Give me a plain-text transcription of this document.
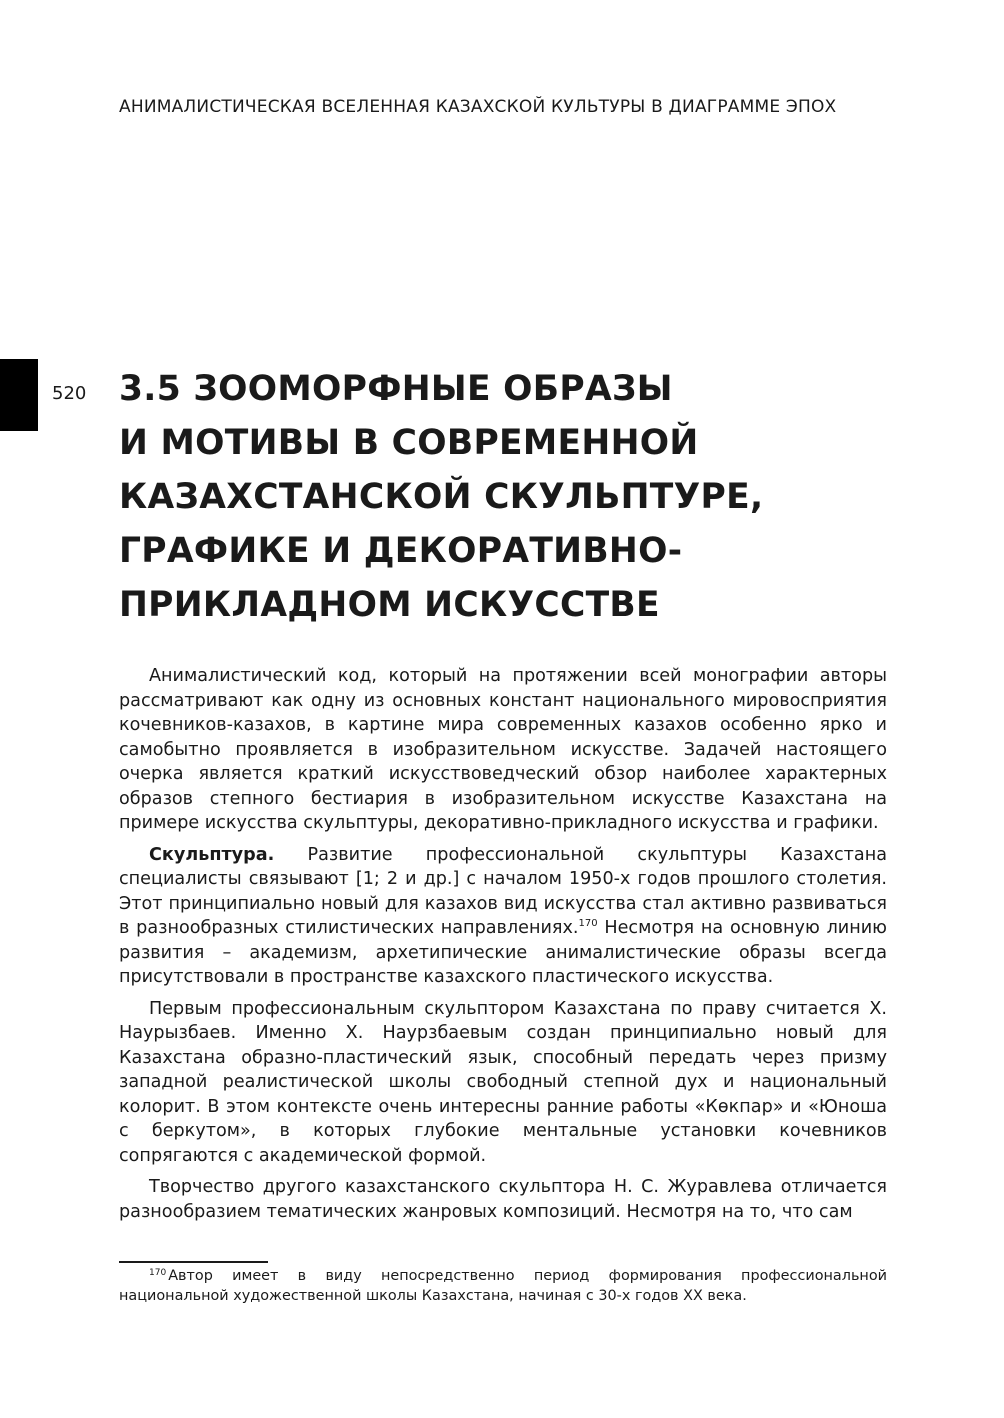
АНИМАЛИСТИЧЕСКАЯ ВСЕЛЕННАЯ КАЗАХСКОЙ КУЛЬТУРЫ В ДИАГРАММЕ ЭПОХ
520 3.5 ЗООМОРФНЫЕ ОБРАЗЫ
И МОТИВЫ В СОВРЕМЕННОЙ
КАЗАХСТАНСКОЙ СКУЛЬПТУРЕ,
ГРАФИКЕ И ДЕКОРАТИВНО-
ПРИКЛАДНОМ ИСКУССТВЕ

Анималистический код, который на протяжении всей монографии авторы рассматривают как одну из основных констант национального мировосприятия кочевников-казахов, в картине мира современных казахов особенно ярко и самобытно проявляется в изобразительном искусстве. Задачей настоящего очерка является краткий искусствоведческий обзор наиболее характерных образов степного бестиария в изобразительном искусстве Казахстана на примере искусства скульптуры, декоративно-прикладного искусства и графики.

Скульптура. Развитие профессиональной скульптуры Казахстана специалисты связывают [1; 2 и др.] с началом 1950-х годов прошлого столетия. Этот принципиально новый для казахов вид искусства стал активно развиваться в разнообразных стилистических направлениях.$^{170}$ Несмотря на основную линию развития – академизм, архетипические анималистические образы всегда присутствовали в пространстве казахского пластического искусства.

Первым профессиональным скульптором Казахстана по праву считается Х. Наурызбаев. Именно Х. Наурзбаевым создан принципиально новый для Казахстана образно-пластический язык, способный передать через призму западной реалистической школы свободный степной дух и национальный колорит. В этом контексте очень интересны ранние работы «Көкпар» и «Юноша с беркутом», в которых глубокие ментальные установки кочевников сопрягаются с академической формой.

Творчество другого казахстанского скульптора Н. С. Журавлева отличается разнообразием тематических жанровых композиций. Несмотря на то, что сам

$^{170}$ Автор имеет в виду непосредственно период формирования профессиональной национальной художественной школы Казахстана, начиная с 30-х годов XX века.
